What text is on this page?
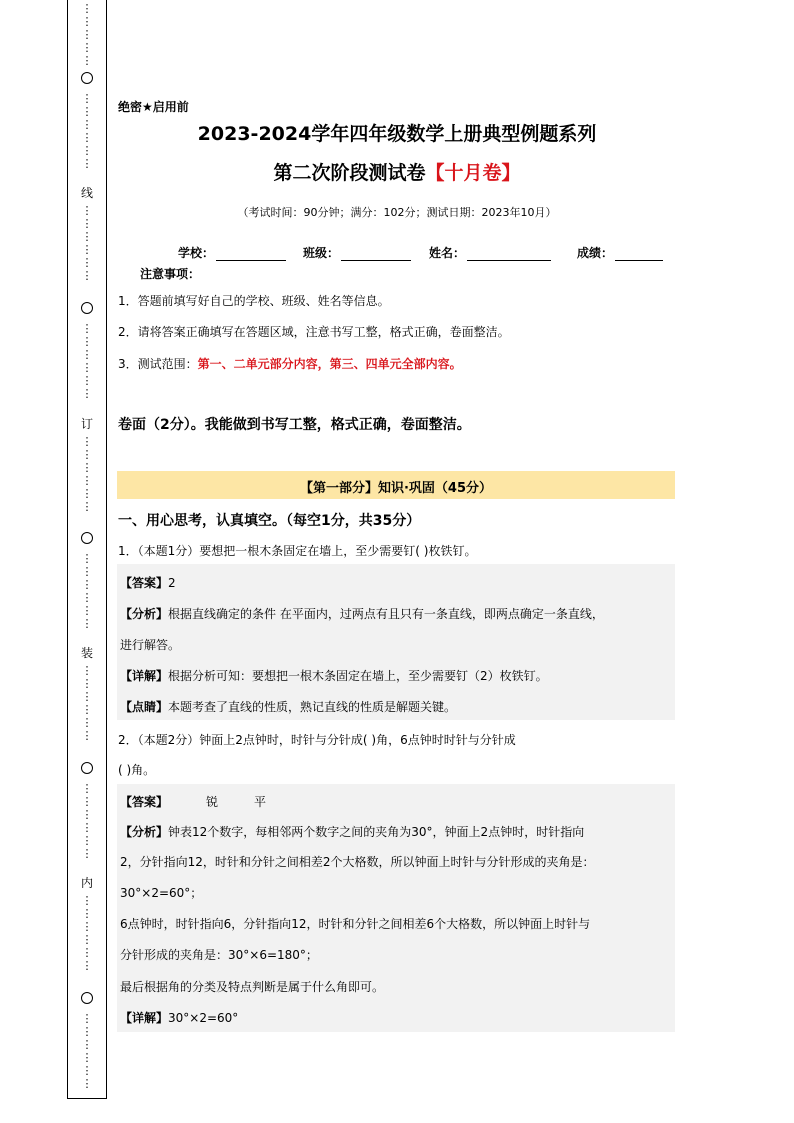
⋮
⋮
⋮
⋮
⋮
⋮
⋮
⋮
⋮
⋮
⋮
线
⋮
⋮
⋮
⋮
⋮
⋮
⋮
⋮
⋮
⋮
⋮
⋮
订
⋮
⋮
⋮
⋮
⋮
⋮
⋮
⋮
⋮
⋮
⋮
⋮
装
⋮
⋮
⋮
⋮
⋮
⋮
⋮
⋮
⋮
⋮
⋮
⋮
内
⋮
⋮
⋮
⋮
⋮
⋮
⋮
⋮
⋮
⋮
⋮
⋮
绝密★启用前
2023-2024学年四年级数学上册典型例题系列
第二次阶段测试卷【十月卷】
（考试时间：90分钟；满分：102分；测试日期：2023年10月）
学校：	班级：	姓名：	成绩：
注意事项：
1．答题前填写好自己的学校、班级、姓名等信息。
2．请将答案正确填写在答题区域，注意书写工整，格式正确，卷面整洁。
3．测试范围：第一、二单元部分内容，第三、四单元全部内容。
卷面（2分）。我能做到书写工整，格式正确，卷面整洁。
【第一部分】知识·巩固（45分）
一、用心思考，认真填空。（每空1分，共35分）
1．（本题1分）要想把一根木条固定在墙上，至少需要钉( )枚铁钉。
【答案】2
【分析】根据直线确定的条件 在平面内，过两点有且只有一条直线，即两点确定一条直线，
进行解答。
【详解】根据分析可知：要想把一根木条固定在墙上，至少需要钉（2）枚铁钉。
【点睛】本题考查了直线的性质，熟记直线的性质是解题关键。
2．（本题2分）钟面上2点钟时，时针与分针成( )角，6点钟时时针与分针成
( )角。
【答案】	锐	平
【分析】钟表12个数字，每相邻两个数字之间的夹角为30°，钟面上2点钟时，时针指向
2，分针指向12，时针和分针之间相差2个大格数，所以钟面上时针与分针形成的夹角是：
30°×2=60°；
6点钟时，时针指向6，分针指向12，时针和分针之间相差6个大格数，所以钟面上时针与
分针形成的夹角是：30°×6=180°；
最后根据角的分类及特点判断是属于什么角即可。
【详解】30°×2=60°
